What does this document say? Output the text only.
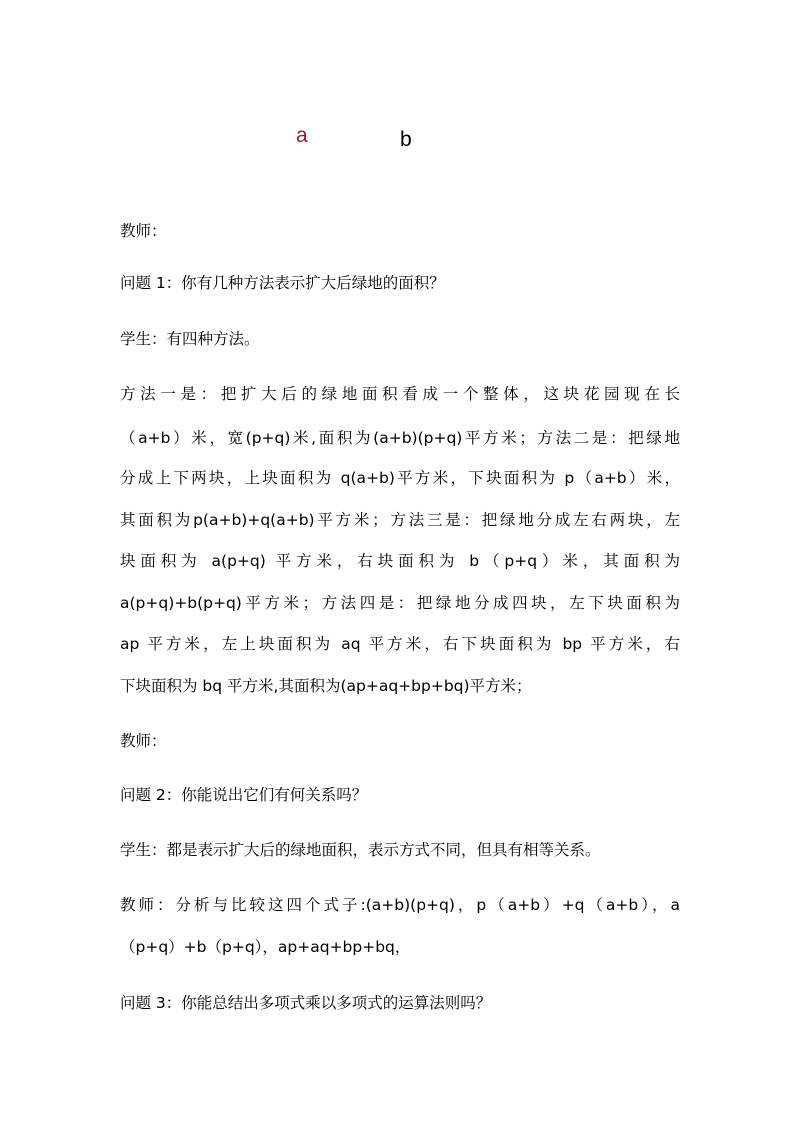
a	b
教师：
问题 1：你有几种方法表示扩大后绿地的面积？
学生：有四种方法。
方法一是：把扩大后的绿地面积看成一个整体，这块花园现在长
（a+b）米，宽(p+q)米,面积为(a+b)(p+q)平方米；方法二是：把绿地
分成上下两块，上块面积为 q(a+b)平方米，下块面积为 p（a+b）米，
其面积为p(a+b)+q(a+b)平方米；方法三是：把绿地分成左右两块，左
块面积为 a(p+q) 平方米，右块面积为 b（p+q）米，其面积为
a(p+q)+b(p+q)平方米；方法四是：把绿地分成四块，左下块面积为
ap 平方米，左上块面积为 aq 平方米，右下块面积为 bp 平方米，右
下块面积为 bq 平方米,其面积为(ap+aq+bp+bq)平方米；
教师：
问题 2：你能说出它们有何关系吗？
学生：都是表示扩大后的绿地面积，表示方式不同，但具有相等关系。
教师：分析与比较这四个式子:(a+b)(p+q)，p（a+b）+q（a+b），a
（p+q）+b（p+q），ap+aq+bp+bq，
问题 3：你能总结出多项式乘以多项式的运算法则吗？
